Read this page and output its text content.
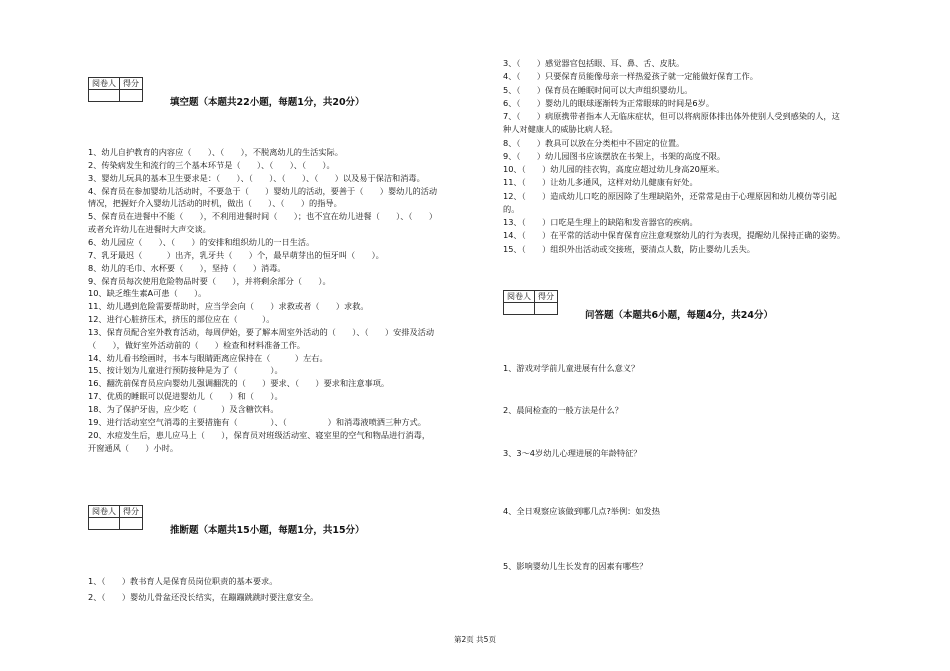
阅卷人	得分

填空题（本题共22小题，每题1分，共20分）
1、幼儿自护教育的内容应（　　）、（　　），不脱离幼儿的生活实际。
2、传染病发生和流行的三个基本环节是（　　）、（　　）、（　　）。
3、婴幼儿玩具的基本卫生要求是：（　　）、（　　）、（　　）、（　　）以及易于保洁和消毒。
4、保育员在参加婴幼儿活动时，不要急于（　　）婴幼儿的活动，要善于（　　）婴幼儿的活动
情况，把握好介入婴幼儿活动的时机，做出（　　）、（　　）的指导。
5、保育员在进餐中不能（　　），不利用进餐时间（　　）；也不宜在幼儿进餐（　　）、（　　）
或者允许幼儿在进餐时大声交谈。
6、幼儿园应（　　）、（　　）的安排和组织幼儿的一日生活。
7、乳牙最迟（　　　）出齐，乳牙共（　　）个，最早萌芽出的恒牙叫（　　）。
8、幼儿的毛巾、水杯要（　　），坚持（　　）消毒。
9、保育员每次使用危险物品时要（　　），并将剩余部分（　　）。
10、缺乏维生素A可患（　　）。
11、幼儿遇到危险需要帮助时，应当学会向（　　）求救或者（　　）求救。
12、进行心脏挤压术，挤压的部位应在（　　　）。
13、保育员配合室外教育活动，每周伊始，要了解本周室外活动的（　　）、（　　）安排及活动
（　　），做好室外活动前的（　　）检查和材料准备工作。
14、幼儿看书绘画时，书本与眼睛距离应保持在（　　　）左右。
15、按计划为儿童进行预防接种是为了（　　　　）。
16、翻洗前保育员应向婴幼儿强调翻洗的（　　）要求、（　　）要求和注意事项。
17、优质的睡眠可以促进婴幼儿（　　）和（　　）。
18、为了保护牙齿，应少吃（　　　）及含糖饮料。
19、进行活动室空气消毒的主要措施有（　　　　）、（　　　　　）和消毒液喷洒三种方式。
20、水痘发生后，患儿应马上（　　），保育员对班级活动室、寝室里的空气和物品进行消毒，
开窗通风（　　）小时。
阅卷人	得分

推断题（本题共15小题，每题1分，共15分）
1、（　　）教书育人是保育员岗位职责的基本要求。
2、（　　）婴幼儿骨盆还没长结实，在蹦蹦跳跳时要注意安全。
3、（　　）感觉器官包括眼、耳、鼻、舌、皮肤。
4、（　　）只要保育员能像母亲一样热爱孩子就一定能做好保育工作。
5、（　　）保育员在睡眠时间可以大声组织婴幼儿。
6、（　　）婴幼儿的眼球逐渐转为正常眼球的时间是6岁。
7、（　　）病原携带者指本人无临床症状，但可以将病原体排出体外使别人受到感染的人，这
种人对健康人的威胁比病人轻。
8、（　　）教具可以放在分类柜中不固定的位置。
9、（　　）幼儿园图书应该摆放在书架上，书架的高度不限。
10、（　　）幼儿园的挂衣钩，高度应超过幼儿身高20厘米。
11、（　　）让幼儿多通风，这样对幼儿健康有好处。
12、（　　）造成幼儿口吃的原因除了生理缺陷外，还常常是由于心理原因和幼儿模仿等引起
的。
13、（　　）口吃是生理上的缺陷和发音器官的疾病。
14、（　　）在平常的活动中保育保育应注意观察幼儿的行为表现，提醒幼儿保持正确的姿势。
15、（　　）组织外出活动或交接班，要清点人数，防止婴幼儿丢失。
阅卷人	得分

问答题（本题共6小题，每题4分，共24分）
1、游戏对学前儿童进展有什么意义？
2、晨间检查的一般方法是什么？
3、3～4岁幼儿心理进展的年龄特征？
4、全日观察应该做到哪几点?举例：如发热
5、影响婴幼儿生长发育的因素有哪些？
第2页 共5页
